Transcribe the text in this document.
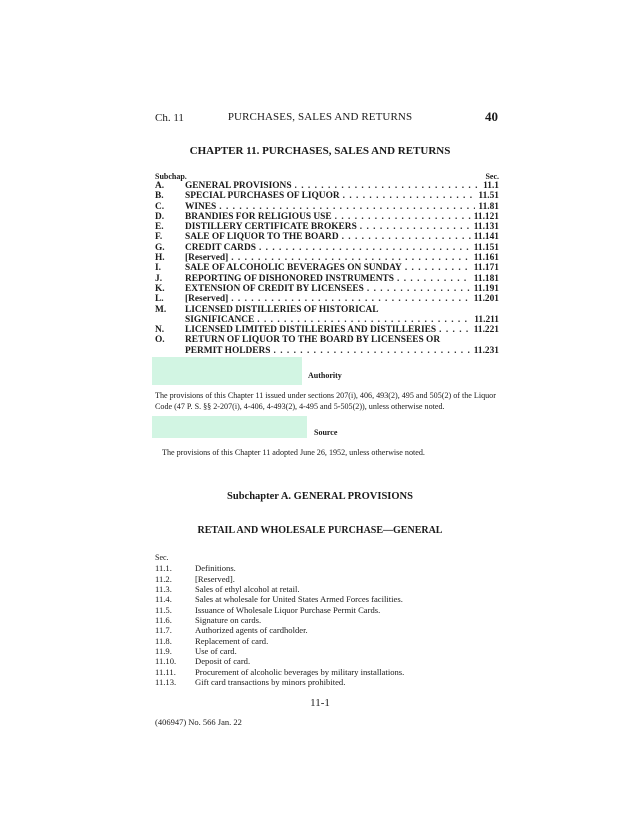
Ch. 11	PURCHASES, SALES AND RETURNS	40
CHAPTER 11. PURCHASES, SALES AND RETURNS
Subchap.	Sec.
A.	GENERAL PROVISIONS . . .	11.1
B.	SPECIAL PURCHASES OF LIQUOR . . .	11.51
C.	WINES . . .	11.81
D.	BRANDIES FOR RELIGIOUS USE . . .	11.121
E.	DISTILLERY CERTIFICATE BROKERS . . .	11.131
F.	SALE OF LIQUOR TO THE BOARD . . .	11.141
G.	CREDIT CARDS . . .	11.151
H.	[Reserved] . . .	11.161
I.	SALE OF ALCOHOLIC BEVERAGES ON SUNDAY . . .	11.171
J.	REPORTING OF DISHONORED INSTRUMENTS . . .	11.181
K.	EXTENSION OF CREDIT BY LICENSEES . . .	11.191
L.	[Reserved] . . .	11.201
M.	LICENSED DISTILLERIES OF HISTORICAL
SIGNIFICANCE . . .	11.211
N.	LICENSED LIMITED DISTILLERIES AND DISTILLERIES . . .	11.221
O.	RETURN OF LIQUOR TO THE BOARD BY LICENSEES OR
PERMIT HOLDERS . . .	11.231
Authority
The provisions of this Chapter 11 issued under sections 207(i), 406, 493(2), 495 and 505(2) of the Liquor Code (47 P. S. §§ 2-207(i), 4-406, 4-493(2), 4-495 and 5-505(2)), unless otherwise noted.
Source
The provisions of this Chapter 11 adopted June 26, 1952, unless otherwise noted.
Subchapter A. GENERAL PROVISIONS
RETAIL AND WHOLESALE PURCHASE—GENERAL
Sec.
11.1.	Definitions.
11.2.	[Reserved].
11.3.	Sales of ethyl alcohol at retail.
11.4.	Sales at wholesale for United States Armed Forces facilities.
11.5.	Issuance of Wholesale Liquor Purchase Permit Cards.
11.6.	Signature on cards.
11.7.	Authorized agents of cardholder.
11.8.	Replacement of card.
11.9.	Use of card.
11.10.	Deposit of card.
11.11.	Procurement of alcoholic beverages by military installations.
11.13.	Gift card transactions by minors prohibited.
11-1
(406947) No. 566 Jan. 22
